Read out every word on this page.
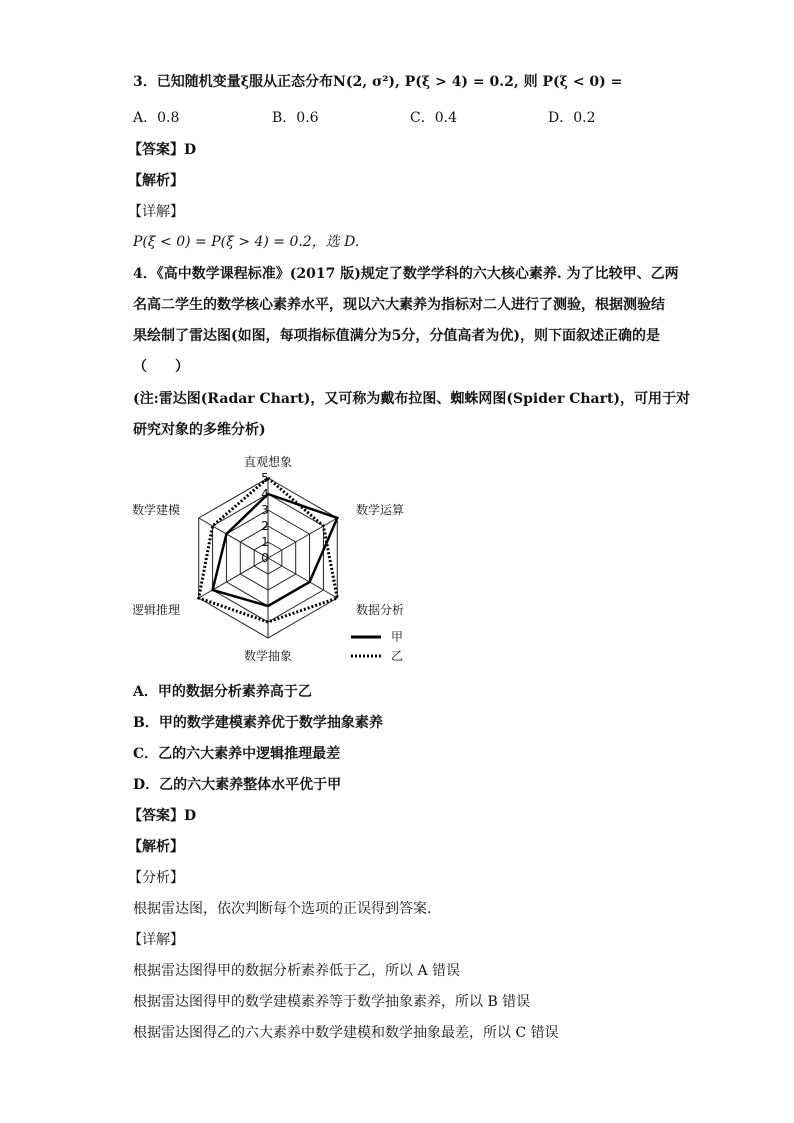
3．已知随机变量ξ服从正态分布N(2, σ²), P(ξ > 4) = 0.2, 则 P(ξ < 0) =
A．0.8	B．0.6	C．0.4	D．0.2
【答案】D
【解析】
【详解】
P(ξ < 0) = P(ξ > 4) = 0.2，选 D.
4．《高中数学课程标准》(2017 版)规定了数学学科的六大核心素养. 为了比较甲、乙两
名高二学生的数学核心素养水平，现以六大素养为指标对二人进行了测验，根据测验结
果绘制了雷达图(如图，每项指标值满分为5分，分值高者为优)，则下面叙述正确的是
（　　）
(注:雷达图(Radar Chart)，又可称为戴布拉图、蜘蛛网图(Spider Chart)，可用于对
研究对象的多维分析)
0
1
2
3
4
5
直观想象
数学运算
数据分析
数学抽象
逻辑推理
数学建模
甲
乙
A．甲的数据分析素养高于乙
B．甲的数学建模素养优于数学抽象素养
C．乙的六大素养中逻辑推理最差
D．乙的六大素养整体水平优于甲
【答案】D
【解析】
【分析】
根据雷达图，依次判断每个选项的正误得到答案.
【详解】
根据雷达图得甲的数据分析素养低于乙，所以 A 错误
根据雷达图得甲的数学建模素养等于数学抽象素养，所以 B 错误
根据雷达图得乙的六大素养中数学建模和数学抽象最差，所以 C 错误
